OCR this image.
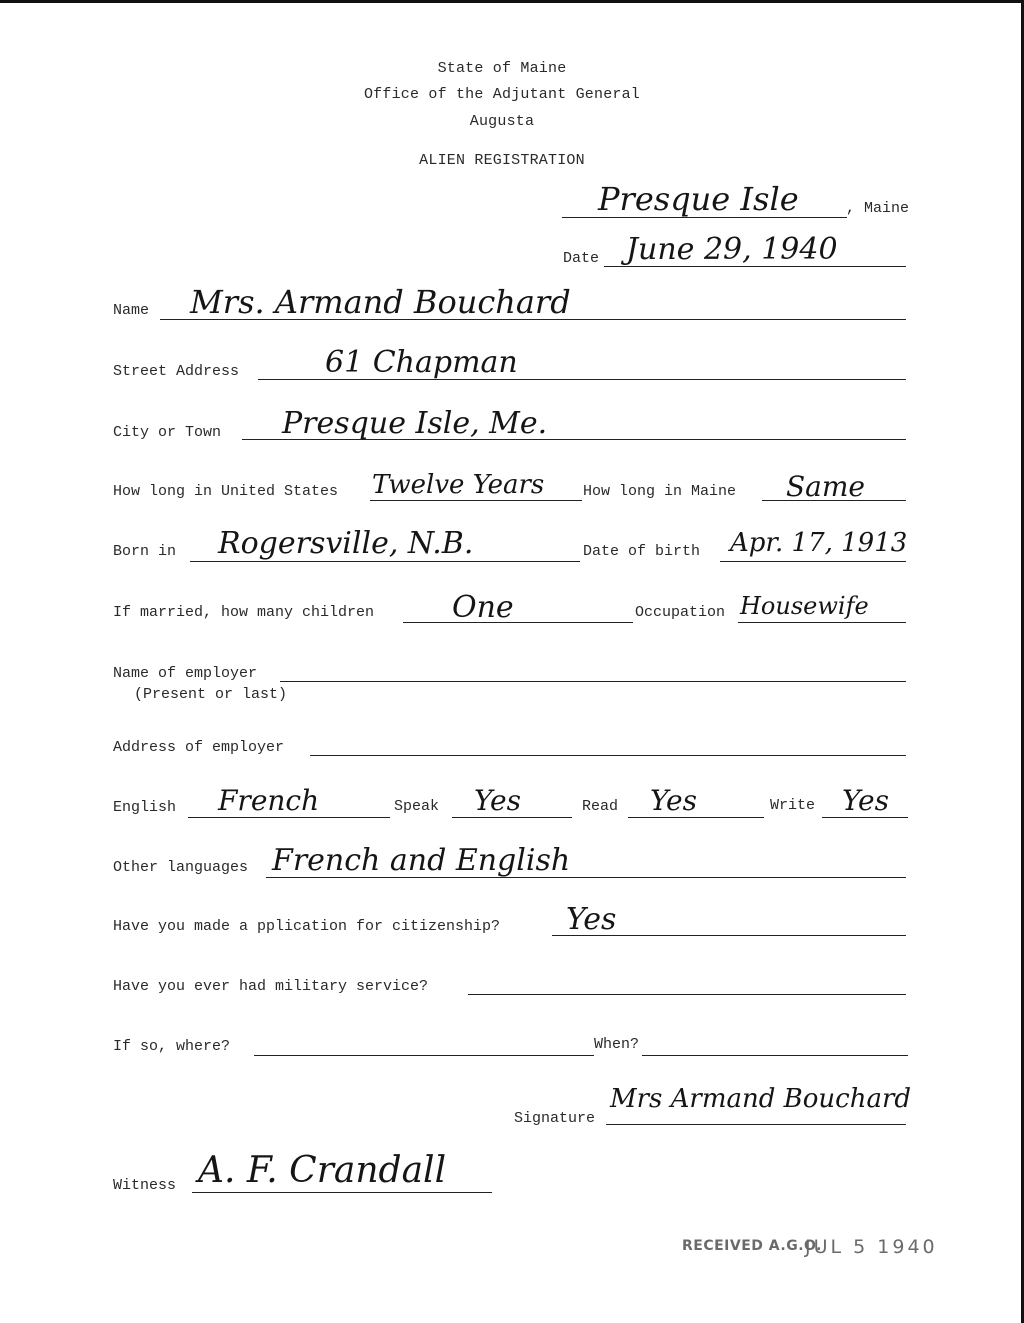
State of Maine
Office of the Adjutant General
Augusta
ALIEN REGISTRATION
Presque Isle	, Maine
Date June 29, 1940
Name Mrs. Armand Bouchard
Street Address	61 Chapman
City or Town Presque Isle, Me.
How long in United States Twelve Years	How long in Maine Same
Born in Rogersville, N.B.	Date of birth Apr. 17, 1913
If married, how many children	One	Occupation Housewife
Name of employer
(Present or last)
Address of employer
English French	Speak Yes	Read Yes	Write Yes
Other languages French and English
Have you made a pplication for citizenship? Yes
Have you ever had military service?
If so, where?	When?
Signature
Mrs Armand Bouchard
Witness A. F. Crandall
RECEIVED A.G.O.
JUL 5 1940
